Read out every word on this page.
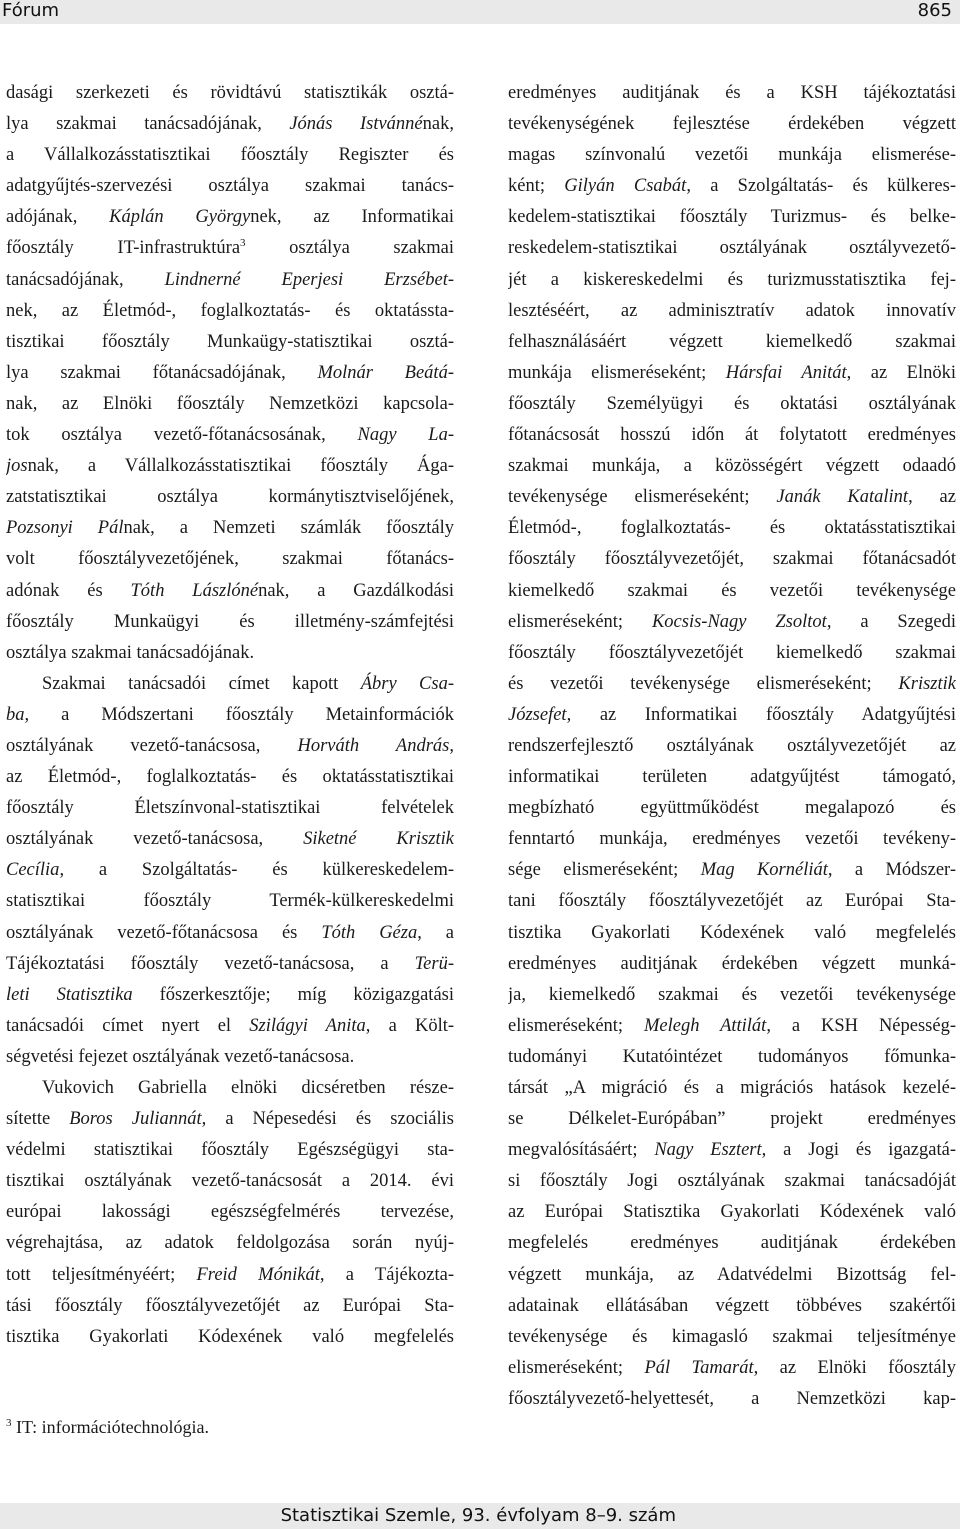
Fórum	865
dasági szerkezeti és rövidtávú statisztikák osztá-
lya szakmai tanácsadójának, Jónás Istvánnénak,
a Vállalkozásstatisztikai főosztály Regiszter és
adatgyűjtés-szervezési osztálya szakmai tanács-
adójának, Káplán Györgynek, az Informatikai
főosztály IT-infrastruktúra$^3$ osztálya szakmai
tanácsadójának, Lindnerné Eperjesi Erzsébet-
nek, az Életmód-, foglalkoztatás- és oktatássta-
tisztikai főosztály Munkaügy-statisztikai osztá-
lya szakmai főtanácsadójának, Molnár Beátá-
nak, az Elnöki főosztály Nemzetközi kapcsola-
tok osztálya vezető-főtanácsosának, Nagy La-
josnak, a Vállalkozásstatisztikai főosztály Ága-
zatstatisztikai osztálya kormánytisztviselőjének,
Pozsonyi Pálnak, a Nemzeti számlák főosztály
volt főosztályvezetőjének, szakmai főtanács-
adónak és Tóth Lászlónénak, a Gazdálkodási
főosztály Munkaügyi és illetmény-számfejtési
osztálya szakmai tanácsadójának.
Szakmai tanácsadói címet kapott Ábry Csa-
ba, a Módszertani főosztály Metainformációk
osztályának vezető-tanácsosa, Horváth András,
az Életmód-, foglalkoztatás- és oktatásstatisztikai
főosztály Életszínvonal-statisztikai felvételek
osztályának vezető-tanácsosa, Siketné Krisztik
Cecília, a Szolgáltatás- és külkereskedelem-
statisztikai főosztály Termék-külkereskedelmi
osztályának vezető-főtanácsosa és Tóth Géza, a
Tájékoztatási főosztály vezető-tanácsosa, a Terü-
leti Statisztika főszerkesztője; míg közigazgatási
tanácsadói címet nyert el Szilágyi Anita, a Költ-
ségvetési fejezet osztályának vezető-tanácsosa.
Vukovich Gabriella elnöki dicséretben része-
sítette Boros Juliannát, a Népesedési és szociális
védelmi statisztikai főosztály Egészségügyi sta-
tisztikai osztályának vezető-tanácsosát a 2014. évi
európai lakossági egészségfelmérés tervezése,
végrehajtása, az adatok feldolgozása során nyúj-
tott teljesítményéért; Freid Mónikát, a Tájékozta-
tási főosztály főosztályvezetőjét az Európai Sta-
tisztika Gyakorlati Kódexének való megfelelés
eredményes auditjának és a KSH tájékoztatási
tevékenységének fejlesztése érdekében végzett
magas színvonalú vezetői munkája elismerése-
ként; Gilyán Csabát, a Szolgáltatás- és külkeres-
kedelem-statisztikai főosztály Turizmus- és belke-
reskedelem-statisztikai osztályának osztályvezető-
jét a kiskereskedelmi és turizmusstatisztika fej-
lesztéséért, az adminisztratív adatok innovatív
felhasználásáért végzett kiemelkedő szakmai
munkája elismeréseként; Hársfai Anitát, az Elnöki
főosztály Személyügyi és oktatási osztályának
főtanácsosát hosszú időn át folytatott eredményes
szakmai munkája, a közösségért végzett odaadó
tevékenysége elismeréseként; Janák Katalint, az
Életmód-, foglalkoztatás- és oktatásstatisztikai
főosztály főosztályvezetőjét, szakmai főtanácsadót
kiemelkedő szakmai és vezetői tevékenysége
elismeréseként; Kocsis-Nagy Zsoltot, a Szegedi
főosztály főosztályvezetőjét kiemelkedő szakmai
és vezetői tevékenysége elismeréseként; Krisztik
Józsefet, az Informatikai főosztály Adatgyűjtési
rendszerfejlesztő osztályának osztályvezetőjét az
informatikai területen adatgyűjtést támogató,
megbízható együttműködést megalapozó és
fenntartó munkája, eredményes vezetői tevékeny-
sége elismeréseként; Mag Kornéliát, a Módszer-
tani főosztály főosztályvezetőjét az Európai Sta-
tisztika Gyakorlati Kódexének való megfelelés
eredményes auditjának érdekében végzett munká-
ja, kiemelkedő szakmai és vezetői tevékenysége
elismeréseként; Melegh Attilát, a KSH Népesség-
tudományi Kutatóintézet tudományos főmunka-
társát „A migráció és a migrációs hatások kezelé-
se Délkelet-Európában” projekt eredményes
megvalósításáért; Nagy Esztert, a Jogi és igazgatá-
si főosztály Jogi osztályának szakmai tanácsadóját
az Európai Statisztika Gyakorlati Kódexének való
megfelelés eredményes auditjának érdekében
végzett munkája, az Adatvédelmi Bizottság fel-
adatainak ellátásában végzett többéves szakértői
tevékenysége és kimagasló szakmai teljesítménye
elismeréseként; Pál Tamarát, az Elnöki főosztály
főosztályvezető-helyettesét, a Nemzetközi kap-
$^3$ IT: információtechnológia.
Statisztikai Szemle, 93. évfolyam 8–9. szám
